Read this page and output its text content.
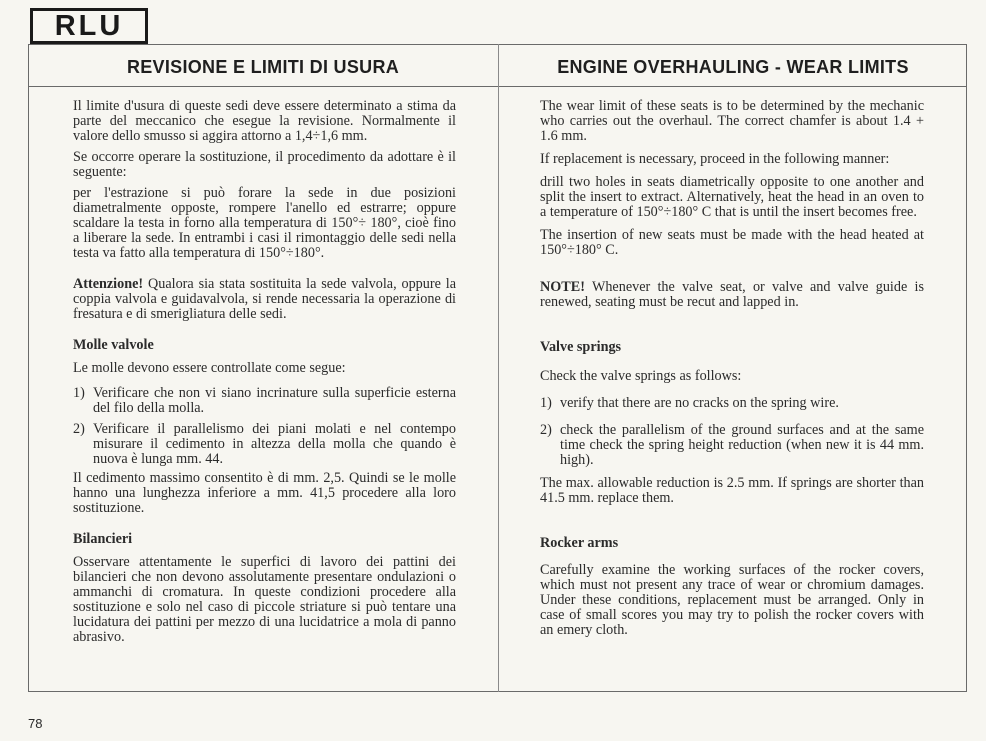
RLU
REVISIONE E LIMITI DI USURA	ENGINE OVERHAULING - WEAR LIMITS

Il limite d'usura di queste sedi deve essere determinato a stima da parte del meccanico che esegue la revisione. Normalmente il valore dello smusso si aggira attorno a 1,4÷1,6 mm.

Se occorre operare la sostituzione, il procedimento da adottare è il seguente:

per l'estrazione si può forare la sede in due posizioni diametralmente opposte, rompere l'anello ed estrarre; oppure scaldare la testa in forno alla temperatura di 150°÷ 180°, cioè fino a liberare la sede. In entrambi i casi il rimontaggio delle sedi nella testa va fatto alla temperatura di 150°÷180°.

Attenzione! Qualora sia stata sostituita la sede valvola, oppure la coppia valvola e guidavalvola, si rende necessaria la operazione di fresatura e di smerigliatura delle sedi.

Molle valvole

Le molle devono essere controllate come segue:

1) Verificare che non vi siano incrinature sulla superficie esterna del filo della molla.
2) Verificare il parallelismo dei piani molati e nel contempo misurare il cedimento in altezza della molla che quando è nuova è lunga mm. 44.

Il cedimento massimo consentito è di mm. 2,5. Quindi se le molle hanno una lunghezza inferiore a mm. 41,5 procedere alla loro sostituzione.

Bilancieri

Osservare attentamente le superfici di lavoro dei pattini dei bilancieri che non devono assolutamente presentare ondulazioni o ammanchi di cromatura. In queste condizioni procedere alla sostituzione e solo nel caso di piccole striature si può tentare una lucidatura dei pattini per mezzo di una lucidatrice a mola di panno abrasivo.

The wear limit of these seats is to be determined by the mechanic who carries out the overhaul. The correct chamfer is about 1.4 + 1.6 mm.

If replacement is necessary, proceed in the following manner:

drill two holes in seats diametrically opposite to one another and split the insert to extract. Alternatively, heat the head in an oven to a temperature of 150°÷180° C that is until the insert becomes free.

The insertion of new seats must be made with the head heated at 150°÷180° C.

NOTE! Whenever the valve seat, or valve and valve guide is renewed, seating must be recut and lapped in.

Valve springs

Check the valve springs as follows:

1) verify that there are no cracks on the spring wire.
2) check the parallelism of the ground surfaces and at the same time check the spring height reduction (when new it is 44 mm. high).

The max. allowable reduction is 2.5 mm. If springs are shorter than 41.5 mm. replace them.

Rocker arms

Carefully examine the working surfaces of the rocker covers, which must not present any trace of wear or chromium damages. Under these conditions, replacement must be arranged. Only in case of small scores you may try to polish the rocker covers with an emery cloth.

78
